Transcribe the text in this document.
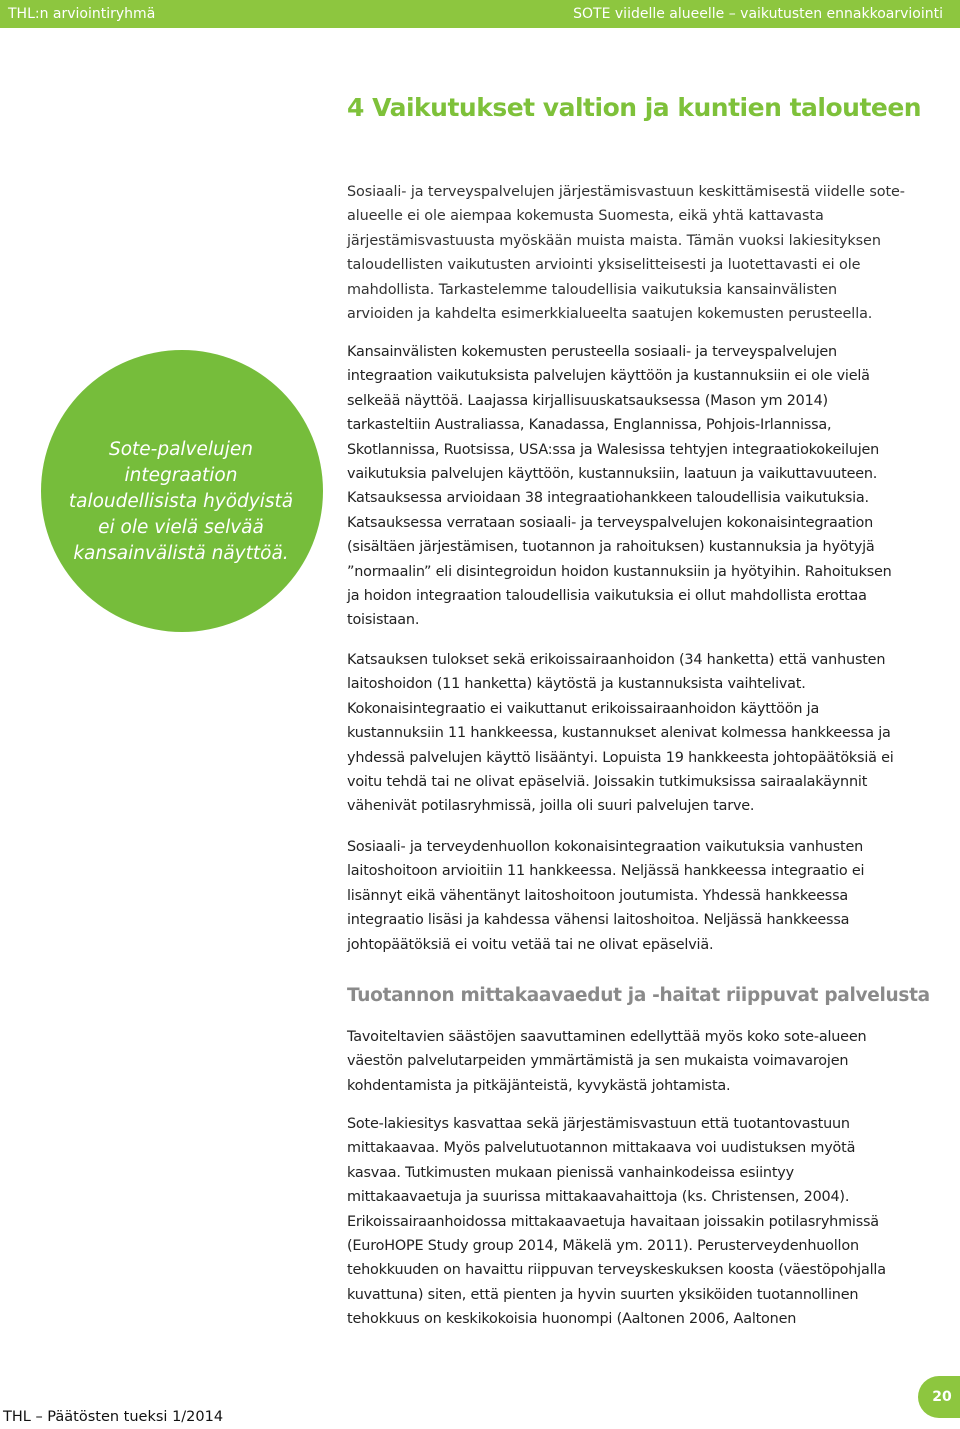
THL:n arviointiryhmä	SOTE viidelle alueelle – vaikutusten ennakkoarviointi
4 Vaikutukset valtion ja kuntien talouteen
Sosiaali- ja terveyspalvelujen järjestämisvastuun keskittämisestä viidelle sote-alueelle ei ole aiempaa kokemusta Suomesta, eikä yhtä kattavasta järjestämisvastuusta myöskään muista maista. Tämän vuoksi lakiesityksen taloudellisten vaikutusten arviointi yksiselitteisesti ja luotettavasti ei ole mahdollista. Tarkastelemme taloudellisia vaikutuksia kansainvälisten arvioiden ja kahdelta esimerkkialueelta saatujen kokemusten perusteella.
Sote-palvelujen integraation taloudellisista hyödyistä ei ole vielä selvää kansainvälistä näyttöä.

Kansainvälisten kokemusten perusteella sosiaali- ja terveyspalvelujen integraation vaikutuksista palvelujen käyttöön ja kustannuksiin ei ole vielä selkeää näyttöä. Laajassa kirjallisuuskatsauksessa (Mason ym 2014) tarkasteltiin Australiassa, Kanadassa, Englannissa, Pohjois-Irlannissa, Skotlannissa, Ruotsissa, USA:ssa ja Walesissa tehtyjen integraatiokokeilujen vaikutuksia palvelujen käyttöön, kustannuksiin, laatuun ja vaikuttavuuteen. Katsauksessa arvioidaan 38 integraatiohankkeen taloudellisia vaikutuksia. Katsauksessa verrataan sosiaali- ja terveyspalvelujen kokonaisintegraation (sisältäen järjestämisen, tuotannon ja rahoituksen) kustannuksia ja hyötyjä ”normaalin” eli disintegroidun hoidon kustannuksiin ja hyötyihin. Rahoituksen ja hoidon integraation taloudellisia vaikutuksia ei ollut mahdollista erottaa toisistaan.

Katsauksen tulokset sekä erikoissairaanhoidon (34 hanketta) että vanhusten laitoshoidon (11 hanketta) käytöstä ja kustannuksista vaihtelivat. Kokonaisintegraatio ei vaikuttanut erikoissairaanhoidon käyttöön ja kustannuksiin 11 hankkeessa, kustannukset alenivat kolmessa hankkeessa ja yhdessä palvelujen käyttö lisääntyi. Lopuista 19 hankkeesta johtopäätöksiä ei voitu tehdä tai ne olivat epäselviä. Joissakin tutkimuksissa sairaalakäynnit vähenivät potilasryhmissä, joilla oli suuri palvelujen tarve.

Sosiaali- ja terveydenhuollon kokonaisintegraation vaikutuksia vanhusten laitoshoitoon arvioitiin 11 hankkeessa. Neljässä hankkeessa integraatio ei lisännyt eikä vähentänyt laitoshoitoon joutumista. Yhdessä hankkeessa integraatio lisäsi ja kahdessa vähensi laitoshoitoa. Neljässä hankkeessa johtopäätöksiä ei voitu vetää tai ne olivat epäselviä.

Tuotannon mittakaavaedut ja -haitat riippuvat palvelusta

Tavoiteltavien säästöjen saavuttaminen edellyttää myös koko sote-alueen väestön palvelutarpeiden ymmärtämistä ja sen mukaista voimavarojen kohdentamista ja pitkäjänteistä, kyvykästä johtamista.

Sote-lakiesitys kasvattaa sekä järjestämisvastuun että tuotantovastuun mittakaavaa. Myös palvelutuotannon mittakaava voi uudistuksen myötä kasvaa. Tutkimusten mukaan pienissä vanhainkodeissa esiintyy mittakaavaetuja ja suurissa mittakaavahaittoja (ks. Christensen, 2004). Erikoissairaanhoidossa mittakaavaetuja havaitaan joissakin potilasryhmissä (EuroHOPE Study group 2014, Mäkelä ym. 2011). Perusterveydenhuollon tehokkuuden on havaittu riippuvan terveyskeskuksen koosta (väestöpohjalla kuvattuna) siten, että pienten ja hyvin suurten yksiköiden tuotannollinen tehokkuus on keskikokoisia huonompi (Aaltonen 2006, Aaltonen

THL – Päätösten tueksi 1/2014
20
